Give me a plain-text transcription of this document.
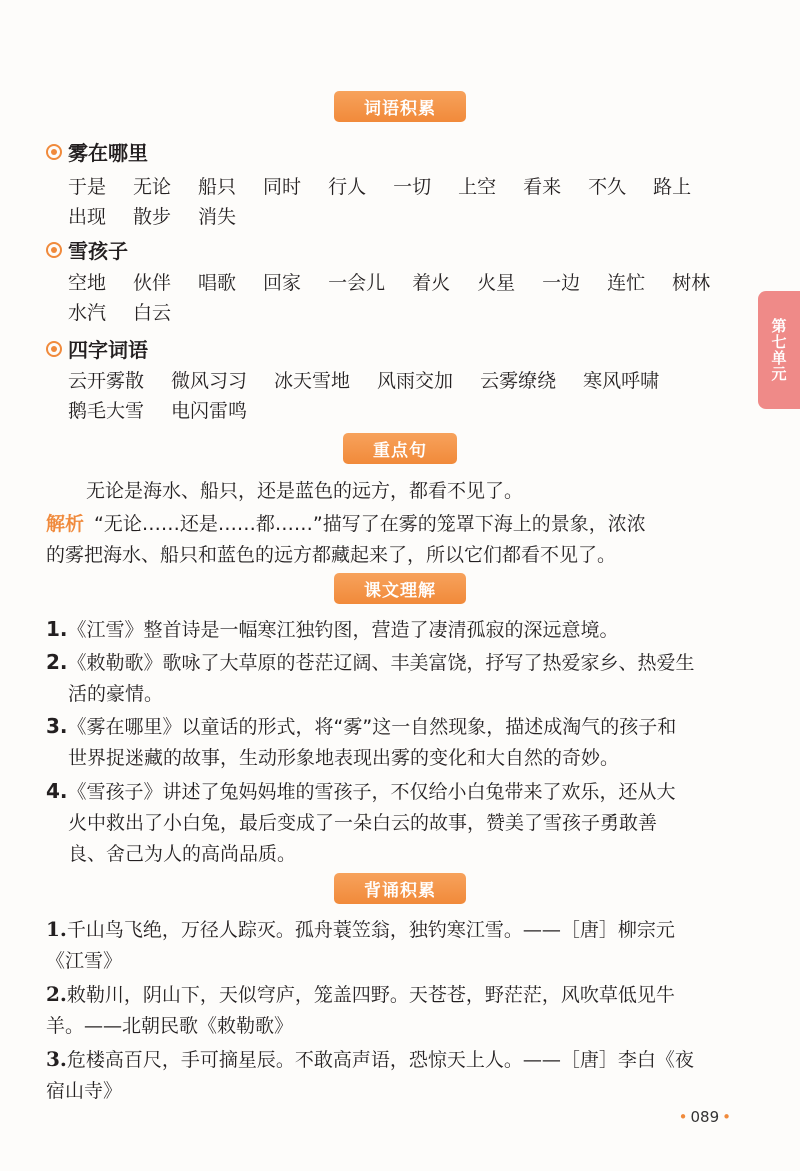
词语积累
雾在哪里
于是 无论 船只 同时 行人 一切 上空 看来 不久 路上
出现 散步 消失
雪孩子
空地 伙伴 唱歌 回家 一会儿 着火 火星 一边 连忙 树林
水汽 白云
四字词语
云开雾散 微风习习 冰天雪地 风雨交加 云雾缭绕 寒风呼啸
鹅毛大雪 电闪雷鸣
第七单元
重点句
无论是海水、船只，还是蓝色的远方，都看不见了。
解析 “无论……还是……都……”描写了在雾的笼罩下海上的景象，浓浓
的雾把海水、船只和蓝色的远方都藏起来了，所以它们都看不见了。
课文理解
1.《江雪》整首诗是一幅寒江独钓图，营造了凄清孤寂的深远意境。
2.《敕勒歌》歌咏了大草原的苍茫辽阔、丰美富饶，抒写了热爱家乡、热爱生
活的豪情。
3.《雾在哪里》以童话的形式，将“雾”这一自然现象，描述成淘气的孩子和
世界捉迷藏的故事，生动形象地表现出雾的变化和大自然的奇妙。
4.《雪孩子》讲述了兔妈妈堆的雪孩子，不仅给小白兔带来了欢乐，还从大
火中救出了小白兔，最后变成了一朵白云的故事，赞美了雪孩子勇敢善
良、舍己为人的高尚品质。
背诵积累
1.千山鸟飞绝，万径人踪灭。孤舟蓑笠翁，独钓寒江雪。——［唐］柳宗元
《江雪》
2.敕勒川，阴山下，天似穹庐，笼盖四野。天苍苍，野茫茫，风吹草低见牛
羊。——北朝民歌《敕勒歌》
3.危楼高百尺，手可摘星辰。不敢高声语，恐惊天上人。——［唐］李白《夜
宿山寺》
• 089 •
